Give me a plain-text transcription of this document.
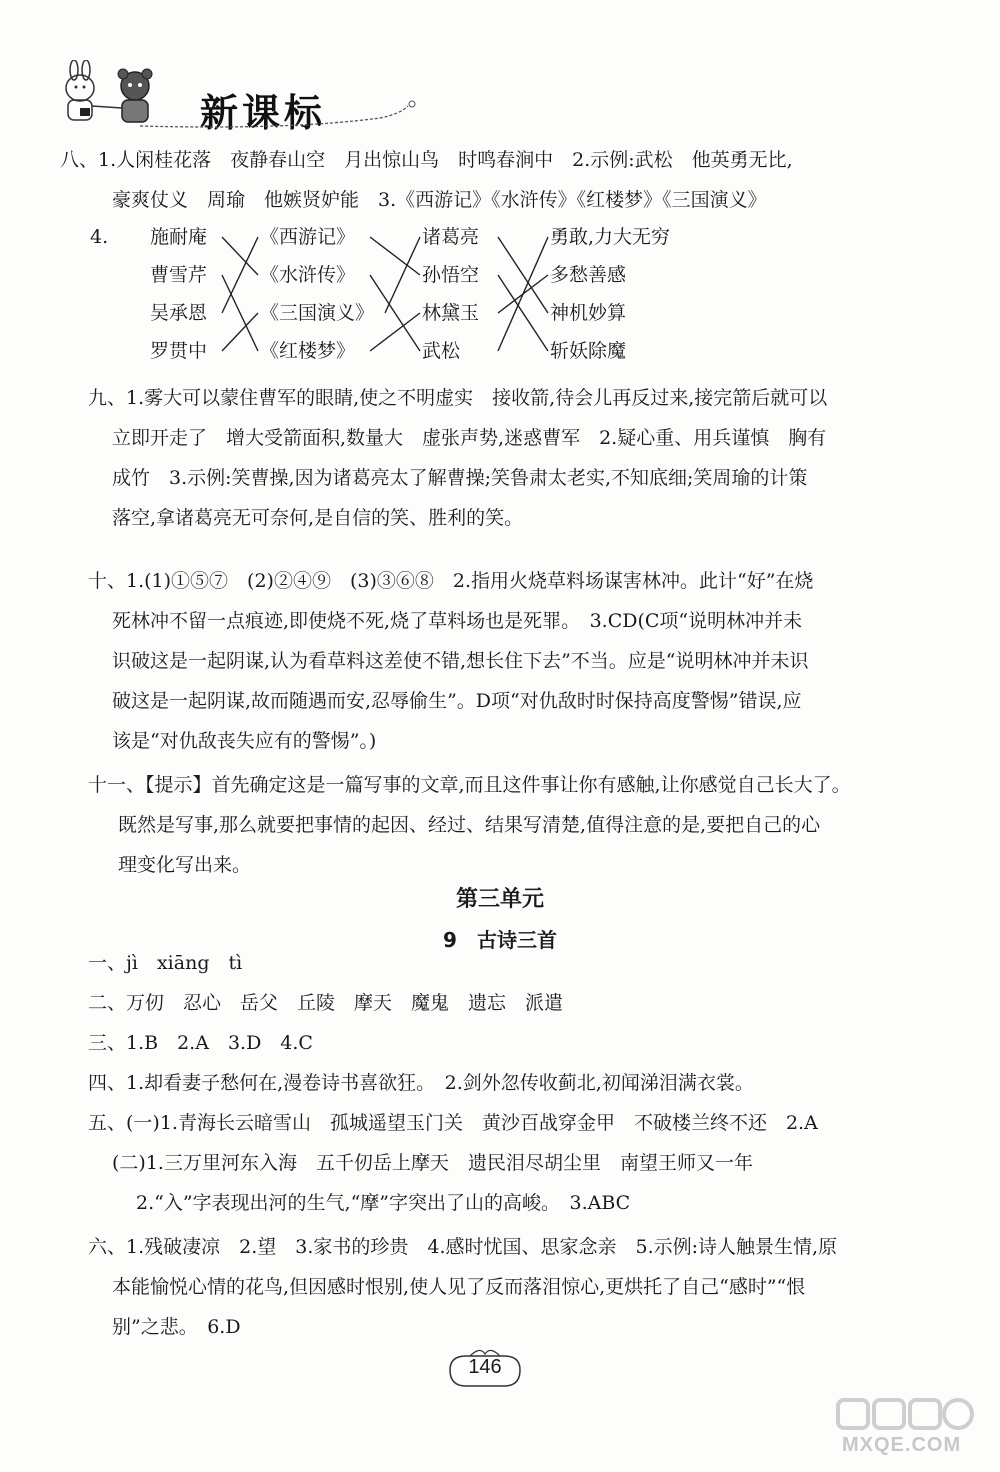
新课标
八、1.人闲桂花落　夜静春山空　月出惊山鸟　时鸣春涧中　2.示例:武松　他英勇无比,
豪爽仗义　周瑜　他嫉贤妒能　3.《西游记》《水浒传》《红楼梦》《三国演义》
4. 施耐庵
曹雪芹
吴承恩
罗贯中
《西游记》
《水浒传》
《三国演义》
《红楼梦》
诸葛亮
孙悟空
林黛玉
武松
勇敢,力大无穷
多愁善感
神机妙算
斩妖除魔
九、1.雾大可以蒙住曹军的眼睛,使之不明虚实　接收箭,待会儿再反过来,接完箭后就可以
立即开走了　增大受箭面积,数量大　虚张声势,迷惑曹军　2.疑心重、用兵谨慎　胸有
成竹　3.示例:笑曹操,因为诸葛亮太了解曹操;笑鲁肃太老实,不知底细;笑周瑜的计策
落空,拿诸葛亮无可奈何,是自信的笑、胜利的笑。
十、1.(1)①⑤⑦　(2)②④⑨　(3)③⑥⑧　2.指用火烧草料场谋害林冲。此计“好”在烧
死林冲不留一点痕迹,即使烧不死,烧了草料场也是死罪。　3.CD(C项“说明林冲并未
识破这是一起阴谋,认为看草料这差使不错,想长住下去”不当。应是“说明林冲并未识
破这是一起阴谋,故而随遇而安,忍辱偷生”。D项“对仇敌时时保持高度警惕”错误,应
该是“对仇敌丧失应有的警惕”。)
十一、【提示】首先确定这是一篇写事的文章,而且这件事让你有感触,让你感觉自己长大了。
既然是写事,那么就要把事情的起因、经过、结果写清楚,值得注意的是,要把自己的心
理变化写出来。
第三单元
9　古诗三首
一、jì　xiāng　tì
二、万仞　忍心　岳父　丘陵　摩天　魔鬼　遗忘　派遣
三、1.B　2.A　3.D　4.C
四、1.却看妻子愁何在,漫卷诗书喜欲狂。　2.剑外忽传收蓟北,初闻涕泪满衣裳。
五、(一)1.青海长云暗雪山　孤城遥望玉门关　黄沙百战穿金甲　不破楼兰终不还　2.A
(二)1.三万里河东入海　五千仞岳上摩天　遗民泪尽胡尘里　南望王师又一年
2.“入”字表现出河的生气,“摩”字突出了山的高峻。　3.ABC
六、1.残破凄凉　2.望　3.家书的珍贵　4.感时忧国、思家念亲　5.示例:诗人触景生情,原
本能愉悦心情的花鸟,但因感时恨别,使人见了反而落泪惊心,更烘托了自己“感时”“恨
别”之悲。　6.D
146
MXQE.COM
